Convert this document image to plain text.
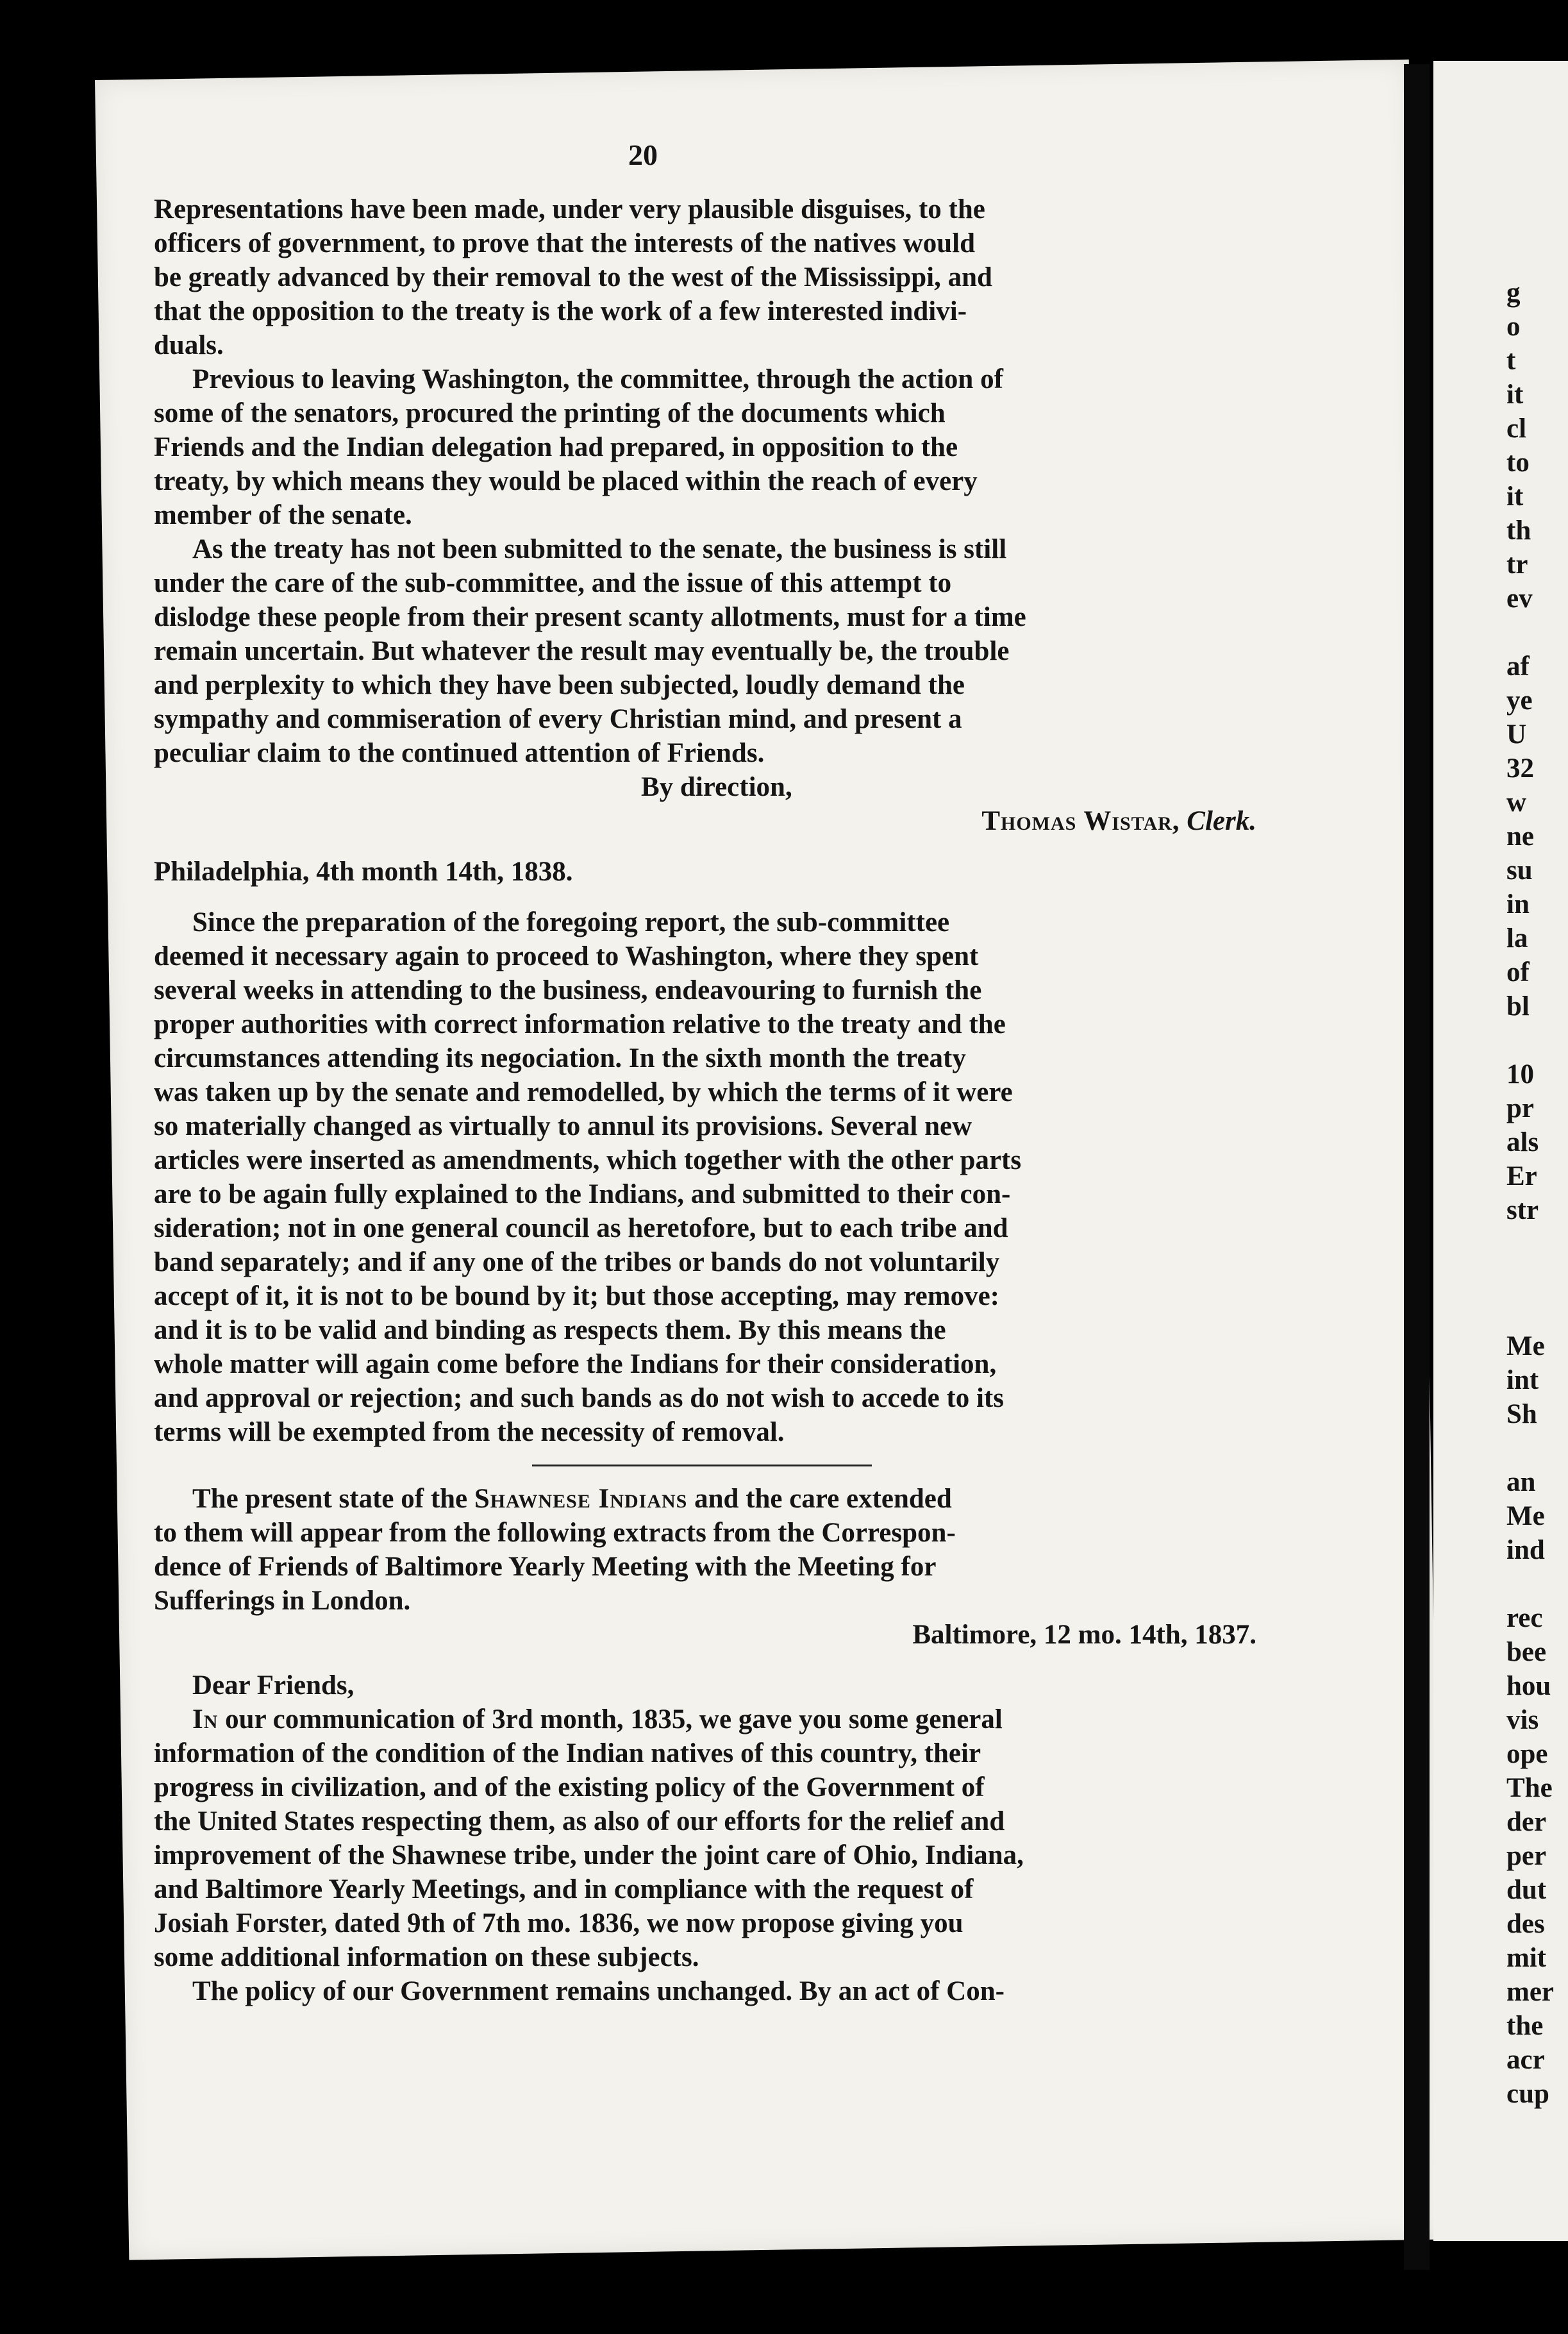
20
Representations have been made, under very plausible disguises, to the
officers of government, to prove that the interests of the natives would
be greatly advanced by their removal to the west of the Mississippi, and
that the opposition to the treaty is the work of a few interested indivi-
duals.
Previous to leaving Washington, the committee, through the action of
some of the senators, procured the printing of the documents which
Friends and the Indian delegation had prepared, in opposition to the
treaty, by which means they would be placed within the reach of every
member of the senate.
As the treaty has not been submitted to the senate, the business is still
under the care of the sub-committee, and the issue of this attempt to
dislodge these people from their present scanty allotments, must for a time
remain uncertain. But whatever the result may eventually be, the trouble
and perplexity to which they have been subjected, loudly demand the
sympathy and commiseration of every Christian mind, and present a
peculiar claim to the continued attention of Friends.
By direction,
Thomas Wistar, Clerk.
Philadelphia, 4th month 14th, 1838.
Since the preparation of the foregoing report, the sub-committee
deemed it necessary again to proceed to Washington, where they spent
several weeks in attending to the business, endeavouring to furnish the
proper authorities with correct information relative to the treaty and the
circumstances attending its negociation. In the sixth month the treaty
was taken up by the senate and remodelled, by which the terms of it were
so materially changed as virtually to annul its provisions. Several new
articles were inserted as amendments, which together with the other parts
are to be again fully explained to the Indians, and submitted to their con-
sideration; not in one general council as heretofore, but to each tribe and
band separately; and if any one of the tribes or bands do not voluntarily
accept of it, it is not to be bound by it; but those accepting, may remove:
and it is to be valid and binding as respects them. By this means the
whole matter will again come before the Indians for their consideration,
and approval or rejection; and such bands as do not wish to accede to its
terms will be exempted from the necessity of removal.
The present state of the Shawnese Indians and the care extended
to them will appear from the following extracts from the Correspon-
dence of Friends of Baltimore Yearly Meeting with the Meeting for
Sufferings in London.
Baltimore, 12 mo. 14th, 1837.
Dear Friends,
In our communication of 3rd month, 1835, we gave you some general
information of the condition of the Indian natives of this country, their
progress in civilization, and of the existing policy of the Government of
the United States respecting them, as also of our efforts for the relief and
improvement of the Shawnese tribe, under the joint care of Ohio, Indiana,
and Baltimore Yearly Meetings, and in compliance with the request of
Josiah Forster, dated 9th of 7th mo. 1836, we now propose giving you
some additional information on these subjects.
The policy of our Government remains unchanged. By an act of Con-
g
o
t
it
cl
to
it
th
tr
ev

af
ye
U
32
w
ne
su
in
la
of
bl

10
pr
als
Er
str

Me
int
Sh

an
Me
ind

rec
bee
hou
vis
ope
The
der
per
dut
des
mit
mer
the
acr
cup
